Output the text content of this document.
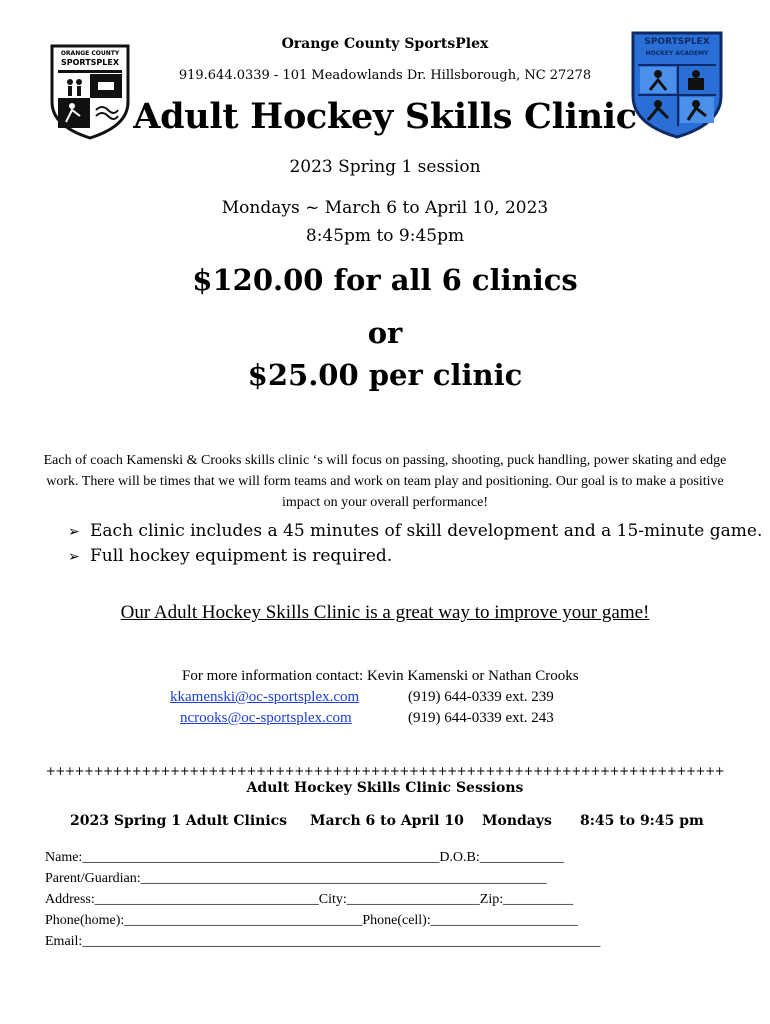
ORANGE COUNTY
SPORTSPLEX
SPORTSPLEX
HOCKEY ACADEMY
Orange County SportsPlex
919.644.0339 - 101 Meadowlands Dr. Hillsborough, NC 27278
Adult Hockey Skills Clinic
2023 Spring 1 session
Mondays ~ March 6 to April 10, 2023
8:45pm to 9:45pm
$120.00 for all 6 clinics
or
$25.00 per clinic
Each of coach Kamenski & Crooks skills clinic ‘s will focus on passing, shooting, puck handling, power skating and edge work. There will be times that we will form teams and work on team play and positioning. Our goal is to make a positive impact on your overall performance!
➢ Each clinic includes a 45 minutes of skill development and a 15-minute game.
➢ Full hockey equipment is required.
Our Adult Hockey Skills Clinic is a great way to improve your game!
For more information contact: Kevin Kamenski or Nathan Crooks
kkamenski@oc-sportsplex.com	(919) 644-0339 ext. 239
ncrooks@oc-sportsplex.com	(919) 644-0339 ext. 243
+++++++++++++++++++++++++++++++++++++++++++++++++++++++++++++++++++++++
Adult Hockey Skills Clinic Sessions
2023 Spring 1 Adult Clinics March 6 to April 10 Mondays 8:45 to 9:45 pm
Name:___________________________________________________D.O.B:____________
Parent/Guardian:__________________________________________________________
Address:________________________________City:___________________Zip:__________
Phone(home):__________________________________Phone(cell):_____________________
Email:__________________________________________________________________________
